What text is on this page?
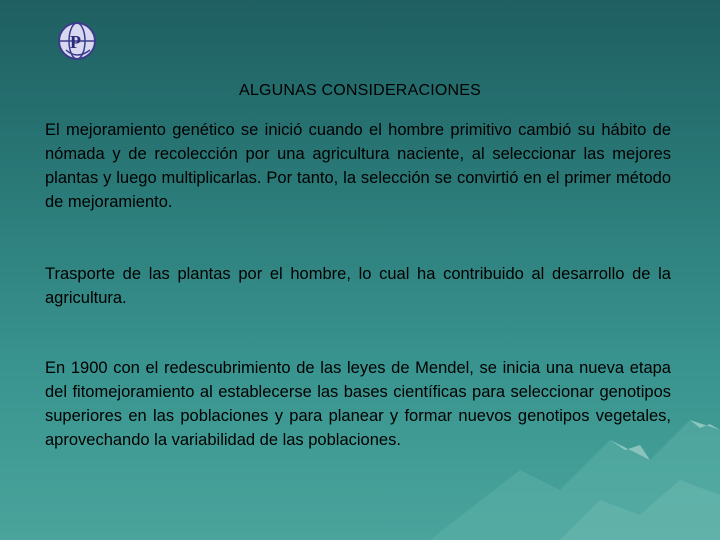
P
ALGUNAS CONSIDERACIONES

El mejoramiento genético se inició cuando el hombre primitivo cambió su hábito de nómada y de recolección por una agricultura naciente, al seleccionar las mejores plantas y luego multiplicarlas. Por tanto, la selección se convirtió en el primer método de mejoramiento.

Trasporte de las plantas por el hombre, lo cual ha contribuido al desarrollo de la agricultura.

En 1900 con el redescubrimiento de las leyes de Mendel, se inicia una nueva etapa del fitomejoramiento al establecerse las bases científicas para seleccionar genotipos superiores en las poblaciones y para planear y formar nuevos genotipos vegetales, aprovechando la variabilidad de las poblaciones.
